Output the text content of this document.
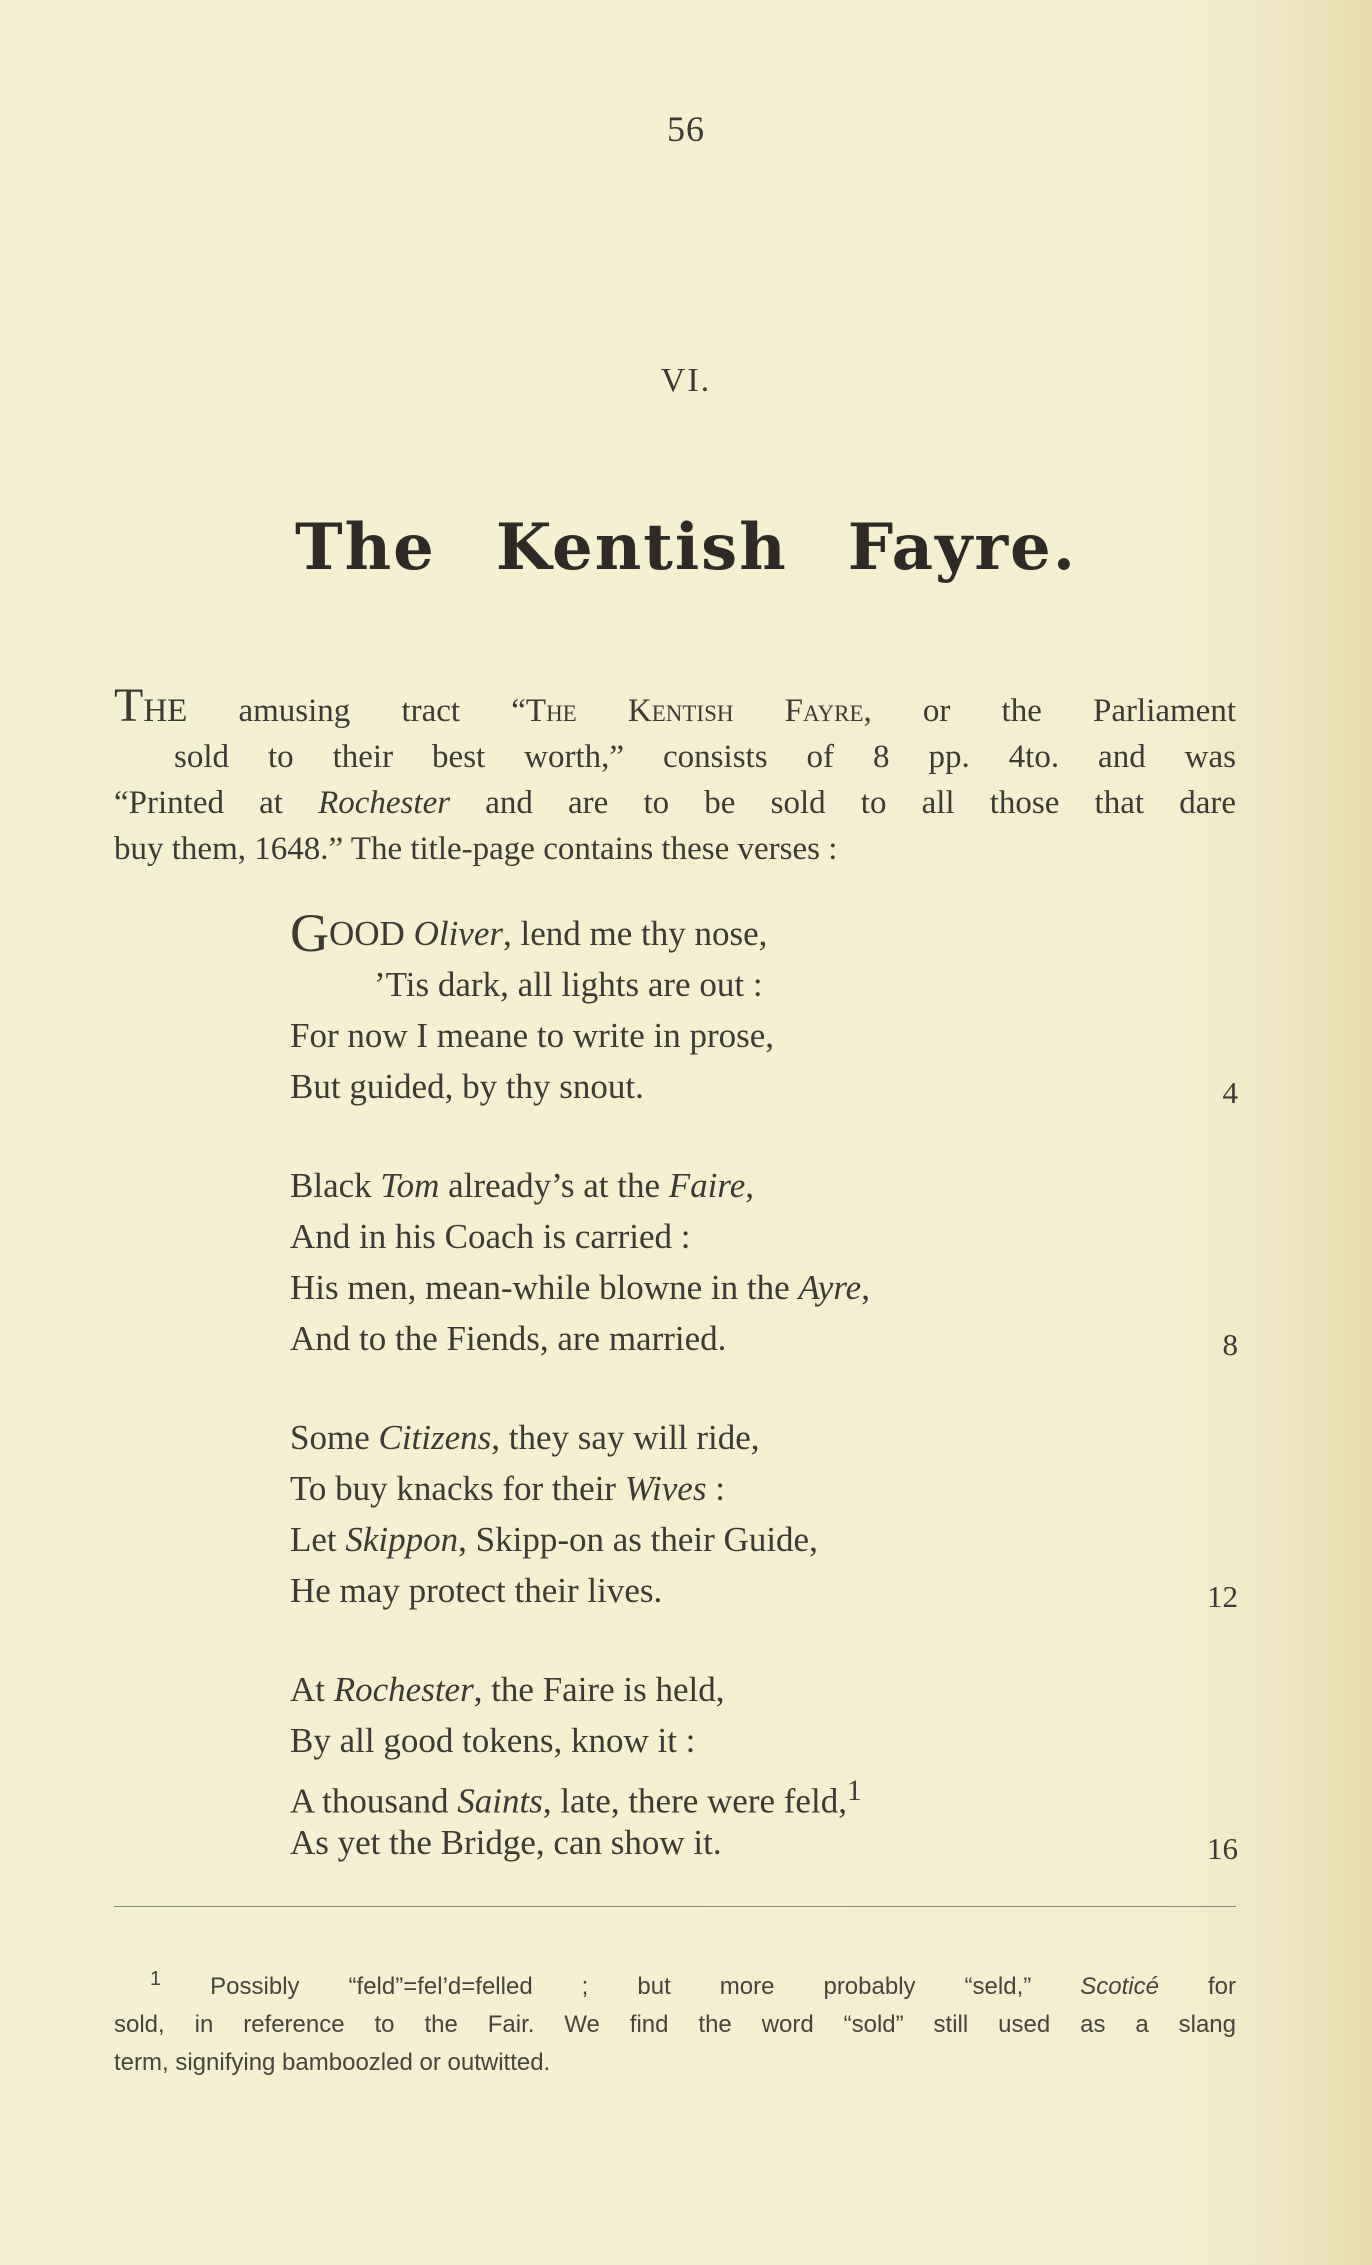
56
VI.
The Kentish Fayre.
THE amusing tract “The Kentish Fayre, or the Parliament
sold to their best worth,” consists of 8 pp. 4to. and was
“Printed at Rochester and are to be sold to all those that dare
buy them, 1648.” The title-page contains these verses :
GOOD Oliver, lend me thy nose,
’Tis dark, all lights are out :
For now I meane to write in prose,
But guided, by thy snout.	4
Black Tom already’s at the Faire,
And in his Coach is carried :
His men, mean-while blowne in the Ayre,
And to the Fiends, are married.	8
Some Citizens, they say will ride,
To buy knacks for their Wives :
Let Skippon, Skipp-on as their Guide,
He may protect their lives.	12
At Rochester, the Faire is held,
By all good tokens, know it :
A thousand Saints, late, there were feld,$^1$
As yet the Bridge, can show it.	16
$^1$ Possibly “feld”=fel’d=felled ; but more probably “seld,” Scoticé for
sold, in reference to the Fair. We find the word “sold” still used as a slang
term, signifying bamboozled or outwitted.
